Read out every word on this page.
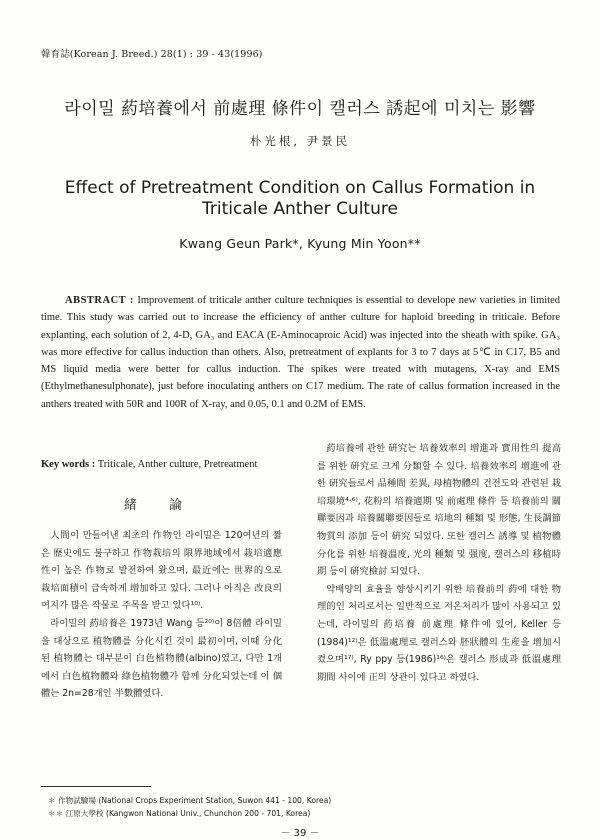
韓育誌(Korean J. Breed.) 28(1) : 39 - 43(1996)
라이밀 葯培養에서 前處理 條件이 캘러스 誘起에 미치는 影響
朴光根, 尹景民
Effect of Pretreatment Condition on Callus Formation in
Triticale Anther Culture
Kwang Geun Park*, Kyung Min Yoon**
ABSTRACT : Improvement of triticale anther culture techniques is essential to develope new varieties in limited time. This study was carried out to increase the efficiency of anther culture for haploid breeding in triticale. Before explanting, each solution of 2, 4-D, GA₃ and EACA (E-Aminocaproic Acid) was injected into the sheath with spike. GA₃ was more effective for callus induction than others. Also, pretreatment of explants for 3 to 7 days at 5℃ in C17, B5 and MS liquid media were better for callus induction. The spikes were treated with mutagens, X-ray and EMS (Ethylmethanesulphonate), just before inoculating anthers on C17 medium. The rate of callus formation increased in the anthers treated with 50R and 100R of X-ray, and 0.05, 0.1 and 0.2M of EMS.
Key words : Triticale, Anther culture, Pretreatment
緒 論

人間이 만들어낸 최초의 作物인 라이밀은 120여년의 짧은 歷史에도 불구하고 作物栽培의 限界地域에서 栽培適應性이 높은 作物로 발전하여 왔으며, 最近에는 世界的으로 栽培面積이 급속하게 增加하고 있다. 그러나 아직은 改良의 여지가 많은 작물로 주목을 받고 있다¹⁰⁾.

라이밀의 葯培養은 1973년 Wang 등²⁰⁾이 8倍體 라이밀을 대상으로 植物體를 分化시킨 것이 最初이며, 이때 分化된 植物體는 대부분이 白色植物體(albino)였고, 다만 1개에서 白色植物體와 綠色植物體가 함께 分化되었는데 이 個體는 2n=28개인 半數體였다.

葯培養에 관한 硏究는 培養效率의 增進과 實用性의 提高를 위한 硏究로 크게 分類할 수 있다. 培養效率의 增進에 관한 硏究들로서 品種間 差異, 母植物體의 건전도와 관련된 栽培環境⁴·⁶⁾, 花粉의 培養適期 및 前處理 條件 등 培養前의 關聯要因과 培養關聯要因들로 培地의 種類 및 形態, 生長調節物質의 添加 등이 硏究 되었다. 또한 캘러스 誘導 및 植物體 分化를 위한 培養溫度, 光의 種類 및 强度, 캘러스의 移植時期 등이 硏究檢討 되었다.

약배양의 효율을 향상시키기 위한 培養前의 葯에 대한 物理的인 처리로서는 일반적으로 저온처리가 많이 사용되고 있는데, 라이밀의 葯培養 前處理 條件에 있어, Keller 등(1984)¹²⁾은 低溫處理로 캘러스와 胚狀體의 生産을 增加시켰으며¹⁷⁾, Ry ppy 등(1986)¹⁶⁾은 캘러스 形成과 低溫處理期間 사이에 正의 상관이 있다고 하였다.

＊ 作物試驗場 (National Crops Experiment Station, Suwon 441 - 100, Korea)
＊＊ 江原大學校 (Kangwon National Univ., Chunchon 200 - 701, Korea)
－ 39 －
